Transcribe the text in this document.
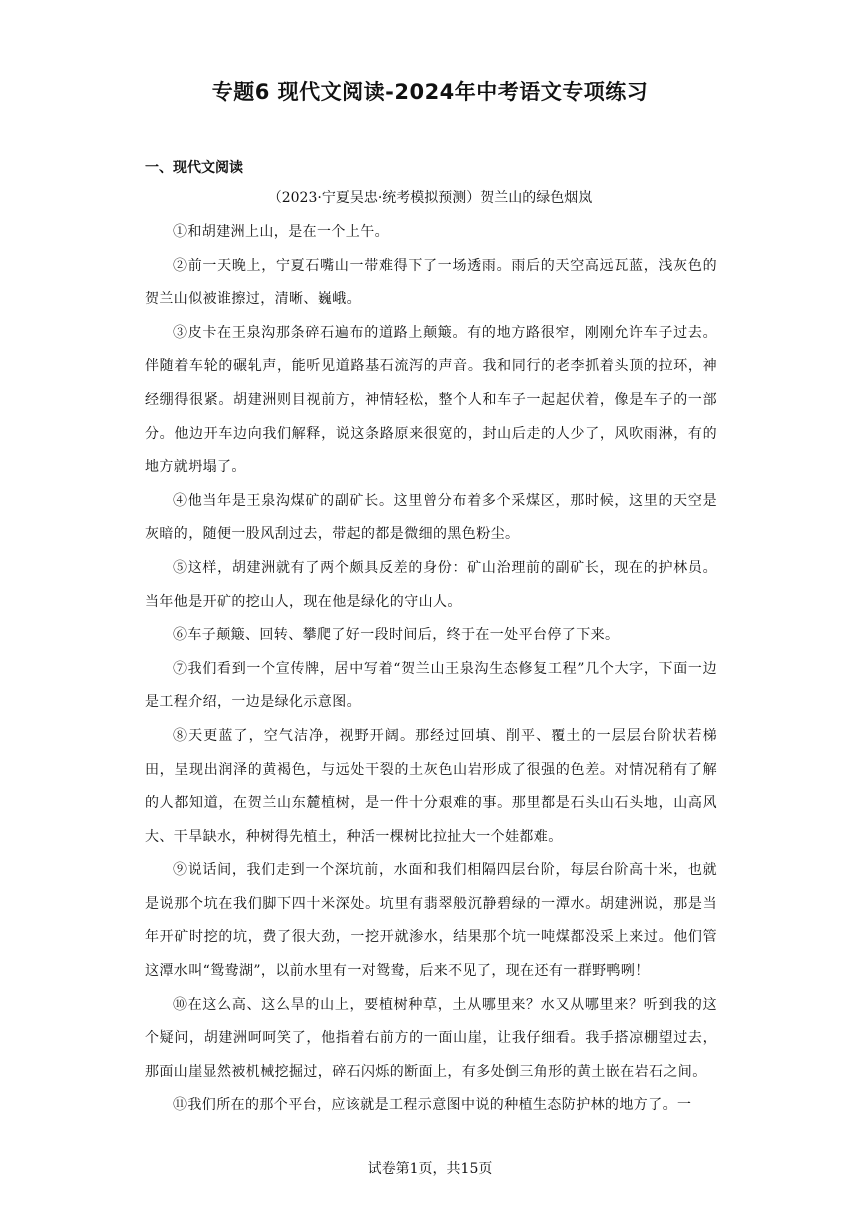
专题6 现代文阅读-2024年中考语文专项练习
一、现代文阅读
（2023·宁夏吴忠·统考模拟预测）贺兰山的绿色烟岚

①和胡建洲上山，是在一个上午。

②前一天晚上，宁夏石嘴山一带难得下了一场透雨。雨后的天空高远瓦蓝，浅灰色的贺兰山似被谁擦过，清晰、巍峨。

③皮卡在王泉沟那条碎石遍布的道路上颠簸。有的地方路很窄，刚刚允许车子过去。伴随着车轮的碾轧声，能听见道路基石流泻的声音。我和同行的老李抓着头顶的拉环，神经绷得很紧。胡建洲则目视前方，神情轻松，整个人和车子一起起伏着，像是车子的一部分。他边开车边向我们解释，说这条路原来很宽的，封山后走的人少了，风吹雨淋，有的地方就坍塌了。

④他当年是王泉沟煤矿的副矿长。这里曾分布着多个采煤区，那时候，这里的天空是灰暗的，随便一股风刮过去，带起的都是微细的黑色粉尘。

⑤这样，胡建洲就有了两个颇具反差的身份：矿山治理前的副矿长，现在的护林员。当年他是开矿的挖山人，现在他是绿化的守山人。

⑥车子颠簸、回转、攀爬了好一段时间后，终于在一处平台停了下来。

⑦我们看到一个宣传牌，居中写着“贺兰山王泉沟生态修复工程”几个大字，下面一边是工程介绍，一边是绿化示意图。

⑧天更蓝了，空气洁净，视野开阔。那经过回填、削平、覆土的一层层台阶状若梯田，呈现出润泽的黄褐色，与远处干裂的土灰色山岩形成了很强的色差。对情况稍有了解的人都知道，在贺兰山东麓植树，是一件十分艰难的事。那里都是石头山石头地，山高风大、干旱缺水，种树得先植土，种活一棵树比拉扯大一个娃都难。

⑨说话间，我们走到一个深坑前，水面和我们相隔四层台阶，每层台阶高十米，也就是说那个坑在我们脚下四十米深处。坑里有翡翠般沉静碧绿的一潭水。胡建洲说，那是当年开矿时挖的坑，费了很大劲，一挖开就渗水，结果那个坑一吨煤都没采上来过。他们管这潭水叫“鸳鸯湖”，以前水里有一对鸳鸯，后来不见了，现在还有一群野鸭咧！

⑩在这么高、这么旱的山上，要植树种草，土从哪里来？水又从哪里来？听到我的这个疑问，胡建洲呵呵笑了，他指着右前方的一面山崖，让我仔细看。我手搭凉棚望过去，那面山崖显然被机械挖掘过，碎石闪烁的断面上，有多处倒三角形的黄土嵌在岩石之间。

⑪我们所在的那个平台，应该就是工程示意图中说的种植生态防护林的地方了。一

试卷第1页，共15页
